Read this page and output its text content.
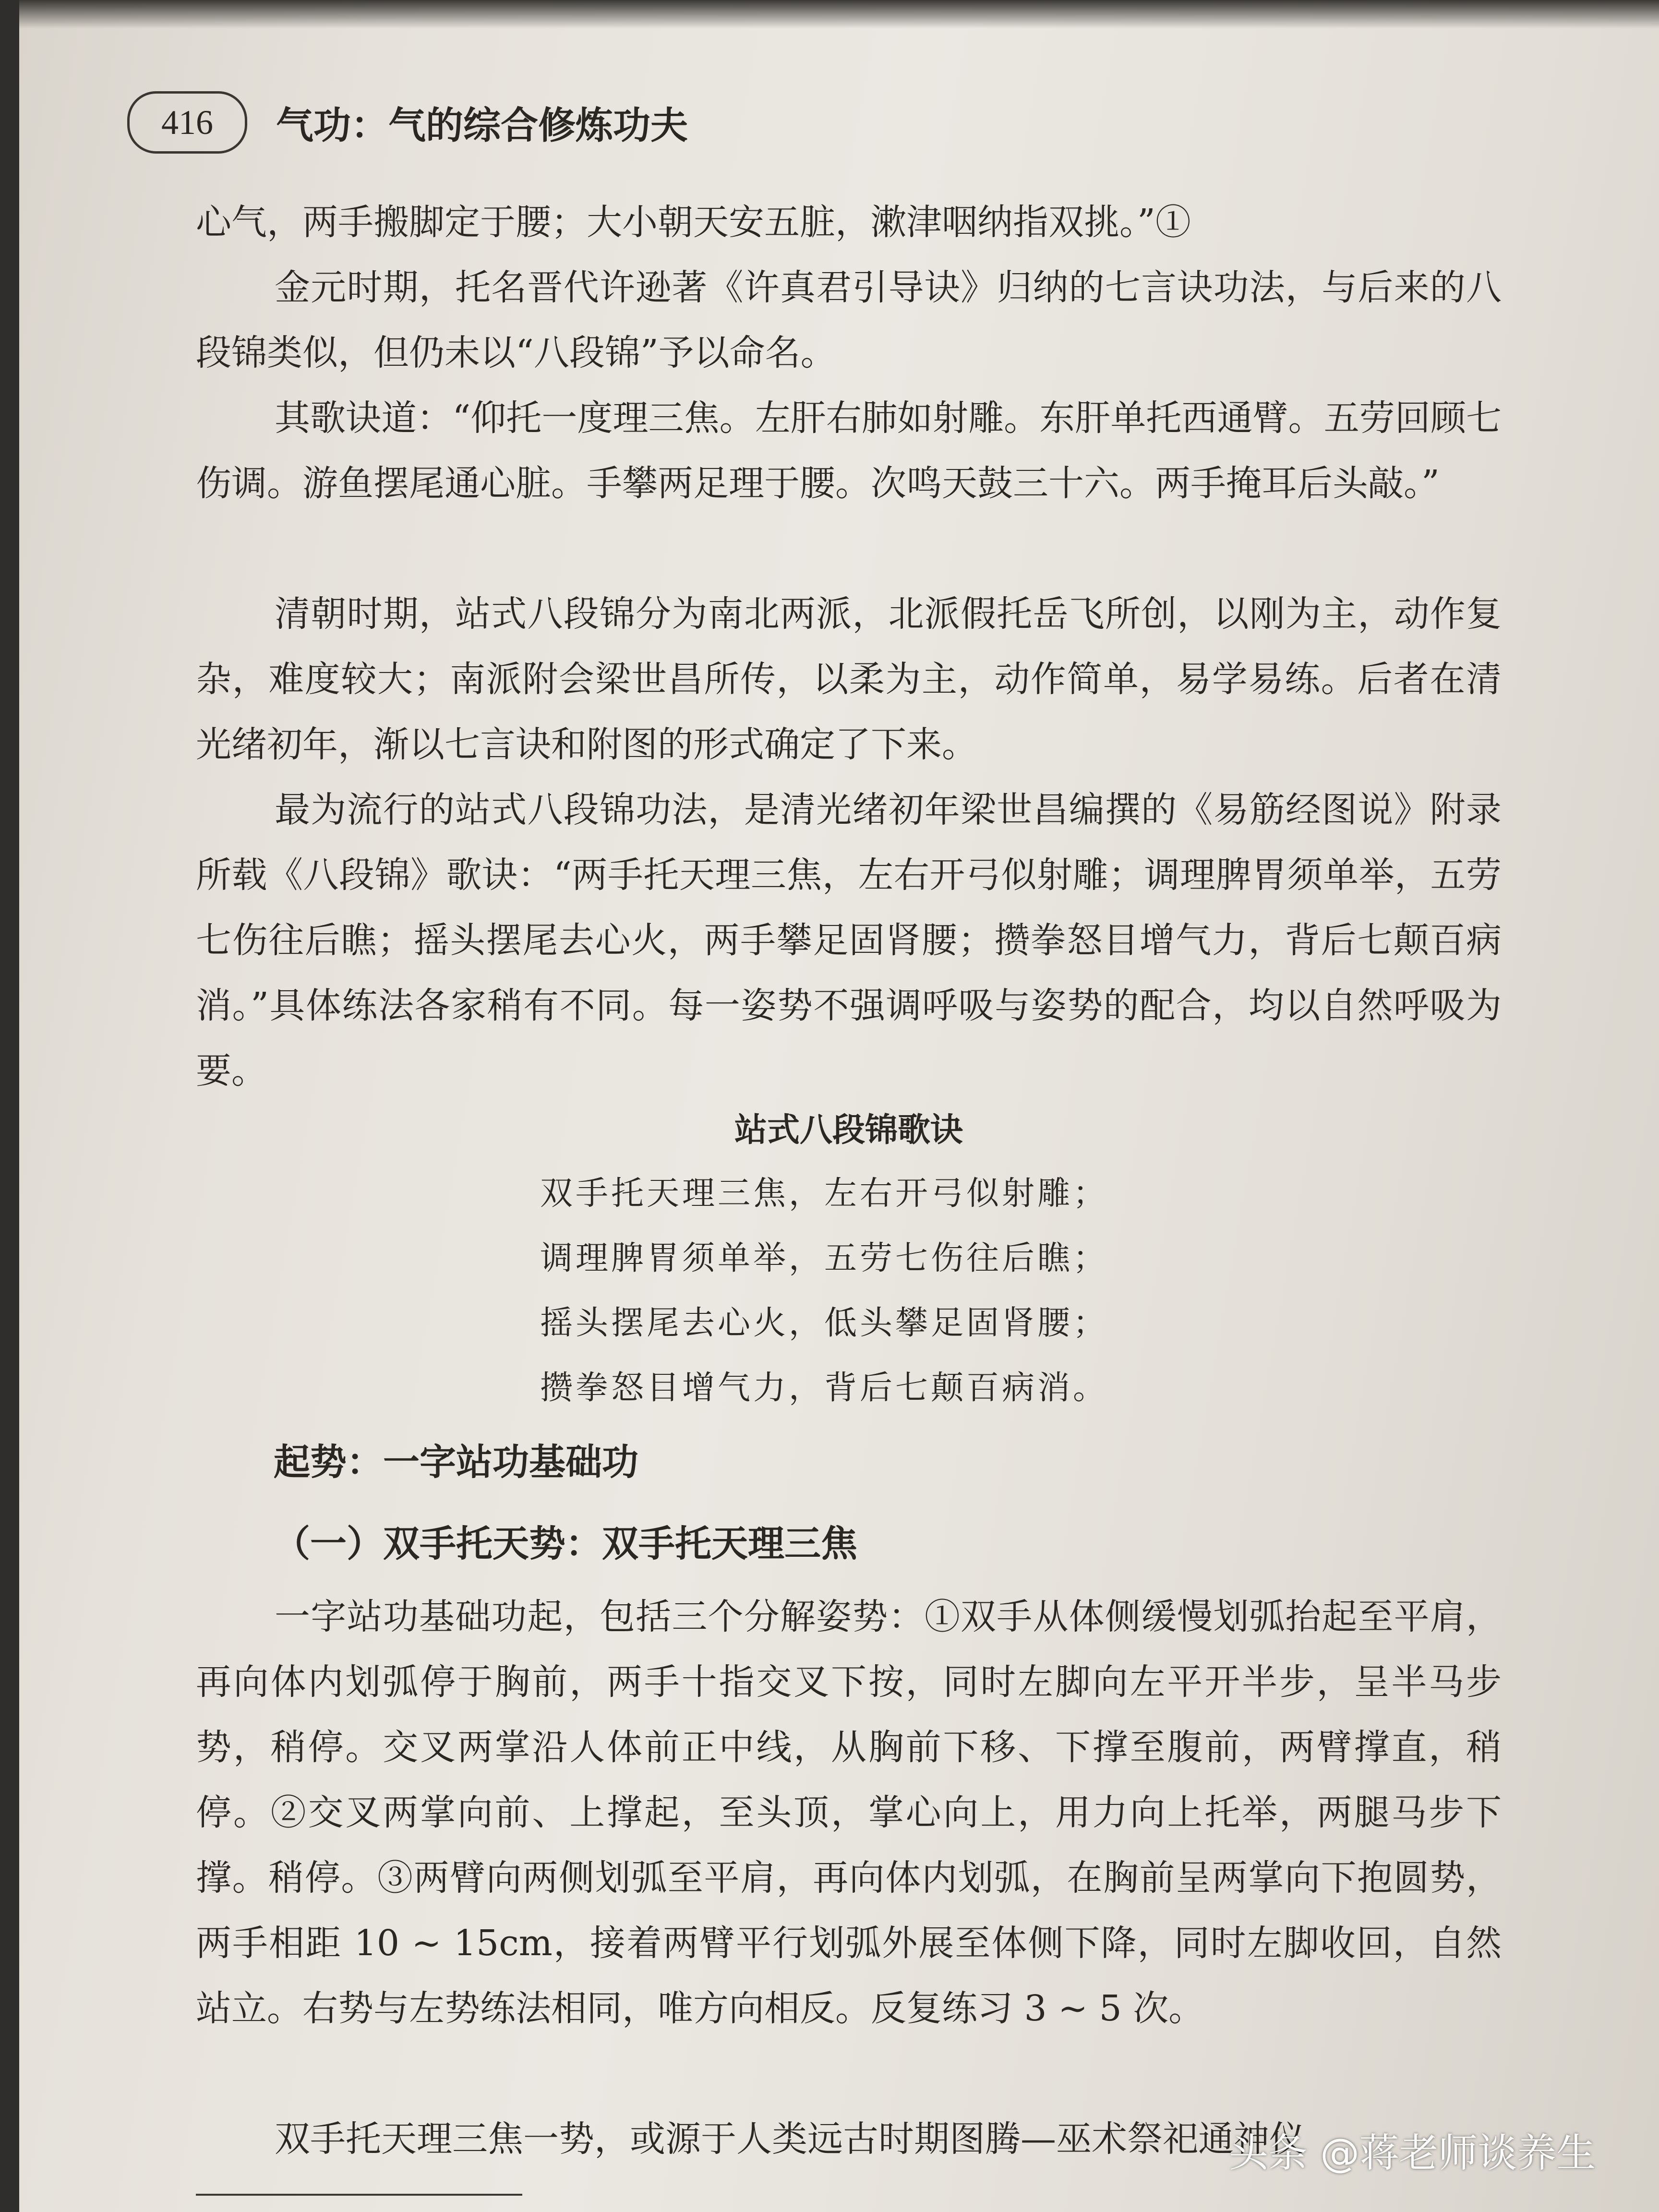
416	气功：气的综合修炼功夫

心气，两手搬脚定于腰；大小朝天安五脏，漱津咽纳指双挑。”①

金元时期，托名晋代许逊著《许真君引导诀》归纳的七言诀功法，与后来的八段锦类似，但仍未以“八段锦”予以命名。

其歌诀道：“仰托一度理三焦。左肝右肺如射雕。东肝单托西通臂。五劳回顾七伤调。游鱼摆尾通心脏。手攀两足理于腰。次鸣天鼓三十六。两手掩耳后头敲。”

清朝时期，站式八段锦分为南北两派，北派假托岳飞所创，以刚为主，动作复杂，难度较大；南派附会梁世昌所传，以柔为主，动作简单，易学易练。后者在清光绪初年，渐以七言诀和附图的形式确定了下来。

最为流行的站式八段锦功法，是清光绪初年梁世昌编撰的《易筋经图说》附录所载《八段锦》歌诀：“两手托天理三焦，左右开弓似射雕；调理脾胃须单举，五劳七伤往后瞧；摇头摆尾去心火，两手攀足固肾腰；攒拳怒目增气力，背后七颠百病消。”具体练法各家稍有不同。每一姿势不强调呼吸与姿势的配合，均以自然呼吸为要。

站式八段锦歌诀
双手托天理三焦，左右开弓似射雕；
调理脾胃须单举，五劳七伤往后瞧；
摇头摆尾去心火，低头攀足固肾腰；
攒拳怒目增气力，背后七颠百病消。
起势：一字站功基础功
（一）双手托天势：双手托天理三焦

一字站功基础功起，包括三个分解姿势：①双手从体侧缓慢划弧抬起至平肩，再向体内划弧停于胸前，两手十指交叉下按，同时左脚向左平开半步，呈半马步势，稍停。交叉两掌沿人体前正中线，从胸前下移、下撑至腹前，两臂撑直，稍停。②交叉两掌向前、上撑起，至头顶，掌心向上，用力向上托举，两腿马步下撑。稍停。③两臂向两侧划弧至平肩，再向体内划弧，在胸前呈两掌向下抱圆势，两手相距 10 ~ 15cm，接着两臂平行划弧外展至体侧下降，同时左脚收回，自然站立。右势与左势练法相同，唯方向相反。反复练习 3 ~ 5 次。

双手托天理三焦一势，或源于人类远古时期图腾—巫术祭祀通神仪

头条 @蒋老师谈养生
